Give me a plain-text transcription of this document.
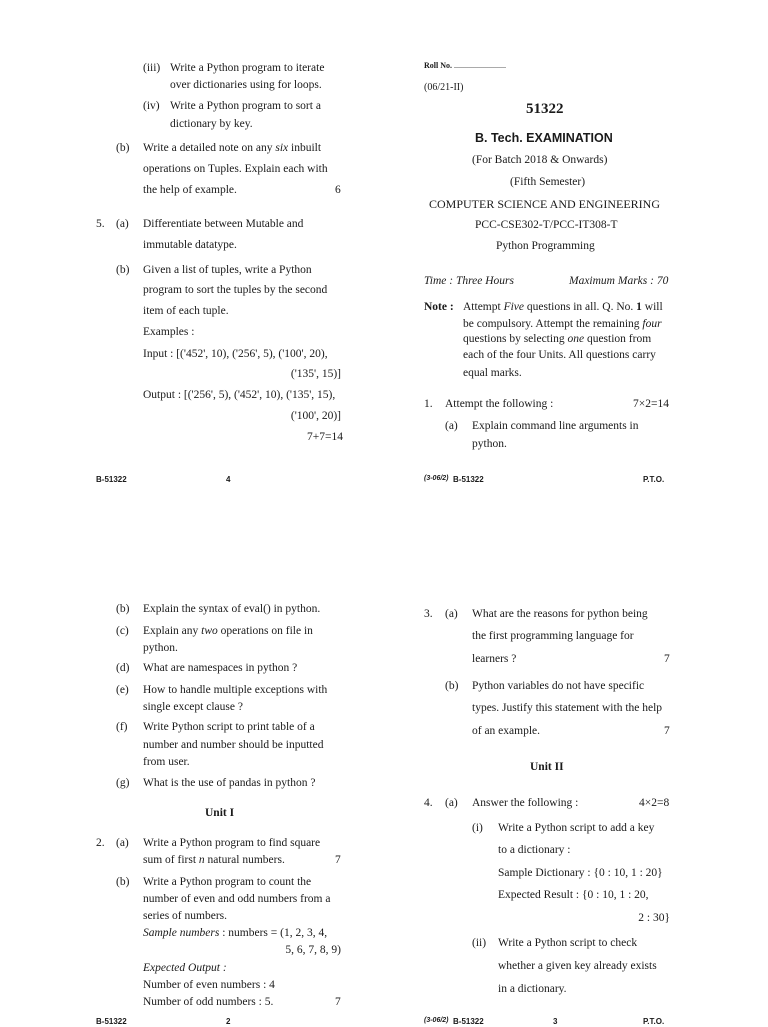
(iii) Write a Python program to iterate
over dictionaries using for loops.
(iv) Write a Python program to sort a
dictionary by key.
(b) Write a detailed note on any six inbuilt
operations on Tuples. Explain each with
the help of example.	6
5. (a) Differentiate between Mutable and
immutable datatype.
(b) Given a list of tuples, write a Python
program to sort the tuples by the second
item of each tuple.
Examples :
Input : [('452', 10), ('256', 5), ('100', 20),
('135', 15)]
Output : [('256', 5), ('452', 10), ('135', 15),
('100', 20)]
7+7=14
B-51322	4
Roll No. ..........................
(06/21-II)
51322
B. Tech. EXAMINATION
(For Batch 2018 & Onwards)
(Fifth Semester)
COMPUTER SCIENCE AND ENGINEERING
PCC-CSE302-T/PCC-IT308-T
Python Programming
Time : Three Hours	Maximum Marks : 70
Note : Attempt Five questions in all. Q. No. 1 will
be compulsory. Attempt the remaining four
questions by selecting one question from
each of the four Units. All questions carry
equal marks.
1. Attempt the following :	7×2=14
(a) Explain command line arguments in
python.
(3-06/2) B-51322	P.T.O.
(b) Explain the syntax of eval() in python.
(c) Explain any two operations on file in
python.
(d) What are namespaces in python ?
(e) How to handle multiple exceptions with
single except clause ?
(f) Write Python script to print table of a
number and number should be inputted
from user.
(g) What is the use of pandas in python ?
Unit I
2. (a) Write a Python program to find square
sum of first n natural numbers.	7
(b) Write a Python program to count the
number of even and odd numbers from a
series of numbers.
Sample numbers : numbers = (1, 2, 3, 4,
5, 6, 7, 8, 9)
Expected Output :
Number of even numbers : 4
Number of odd numbers : 5.	7
B-51322	2
3. (a) What are the reasons for python being
the first programming language for
learners ?	7
(b) Python variables do not have specific
types. Justify this statement with the help
of an example.	7
Unit II
4. (a) Answer the following :	4×2=8
(i) Write a Python script to add a key
to a dictionary :
Sample Dictionary : {0 : 10, 1 : 20}
Expected Result : {0 : 10, 1 : 20,
2 : 30}
(ii) Write a Python script to check
whether a given key already exists
in a dictionary.
(3-06/2) B-51322	3	P.T.O.
